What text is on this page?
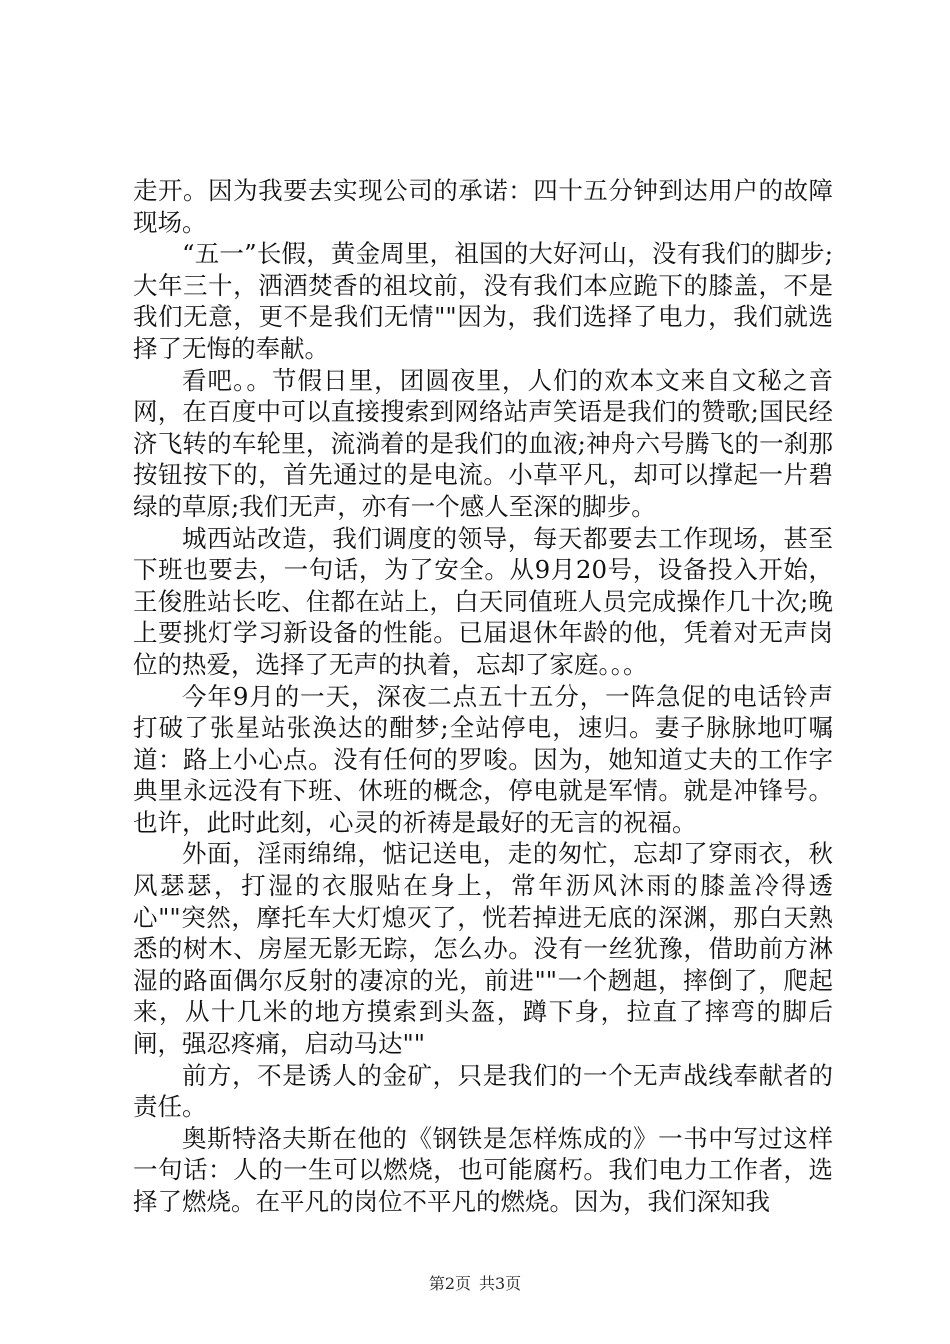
走开。因为我要去实现公司的承诺：四十五分钟到达用户的故障现场。

“五一”长假，黄金周里，祖国的大好河山，没有我们的脚步;大年三十，洒酒焚香的祖坟前，没有我们本应跪下的膝盖，不是我们无意，更不是我们无情""因为，我们选择了电力，我们就选择了无悔的奉献。

看吧。。节假日里，团圆夜里，人们的欢本文来自文秘之音网，在百度中可以直接搜索到网络站声笑语是我们的赞歌;国民经济飞转的车轮里，流淌着的是我们的血液;神舟六号腾飞的一刹那按钮按下的，首先通过的是电流。小草平凡，却可以撑起一片碧绿的草原;我们无声，亦有一个感人至深的脚步。

城西站改造，我们调度的领导，每天都要去工作现场，甚至下班也要去，一句话，为了安全。从9月20号，设备投入开始，王俊胜站长吃、住都在站上，白天同值班人员完成操作几十次;晚上要挑灯学习新设备的性能。已届退休年龄的他，凭着对无声岗位的热爱，选择了无声的执着，忘却了家庭。。。

今年9月的一天，深夜二点五十五分，一阵急促的电话铃声打破了张星站张涣达的酣梦;全站停电，速归。妻子脉脉地叮嘱道：路上小心点。没有任何的罗唆。因为，她知道丈夫的工作字典里永远没有下班、休班的概念，停电就是军情。就是冲锋号。也许，此时此刻，心灵的祈祷是最好的无言的祝福。

外面，淫雨绵绵，惦记送电，走的匆忙，忘却了穿雨衣，秋风瑟瑟，打湿的衣服贴在身上，常年沥风沐雨的膝盖冷得透心""突然，摩托车大灯熄灭了，恍若掉进无底的深渊，那白天熟悉的树木、房屋无影无踪，怎么办。没有一丝犹豫，借助前方淋湿的路面偶尔反射的凄凉的光，前进""一个趔趄，摔倒了，爬起来，从十几米的地方摸索到头盔，蹲下身，拉直了摔弯的脚后闸，强忍疼痛，启动马达""

前方，不是诱人的金矿，只是我们的一个无声战线奉献者的责任。

奥斯特洛夫斯在他的《钢铁是怎样炼成的》一书中写过这样一句话：人的一生可以燃烧，也可能腐朽。我们电力工作者，选择了燃烧。在平凡的岗位不平凡的燃烧。因为，我们深知我

第2页 共3页
